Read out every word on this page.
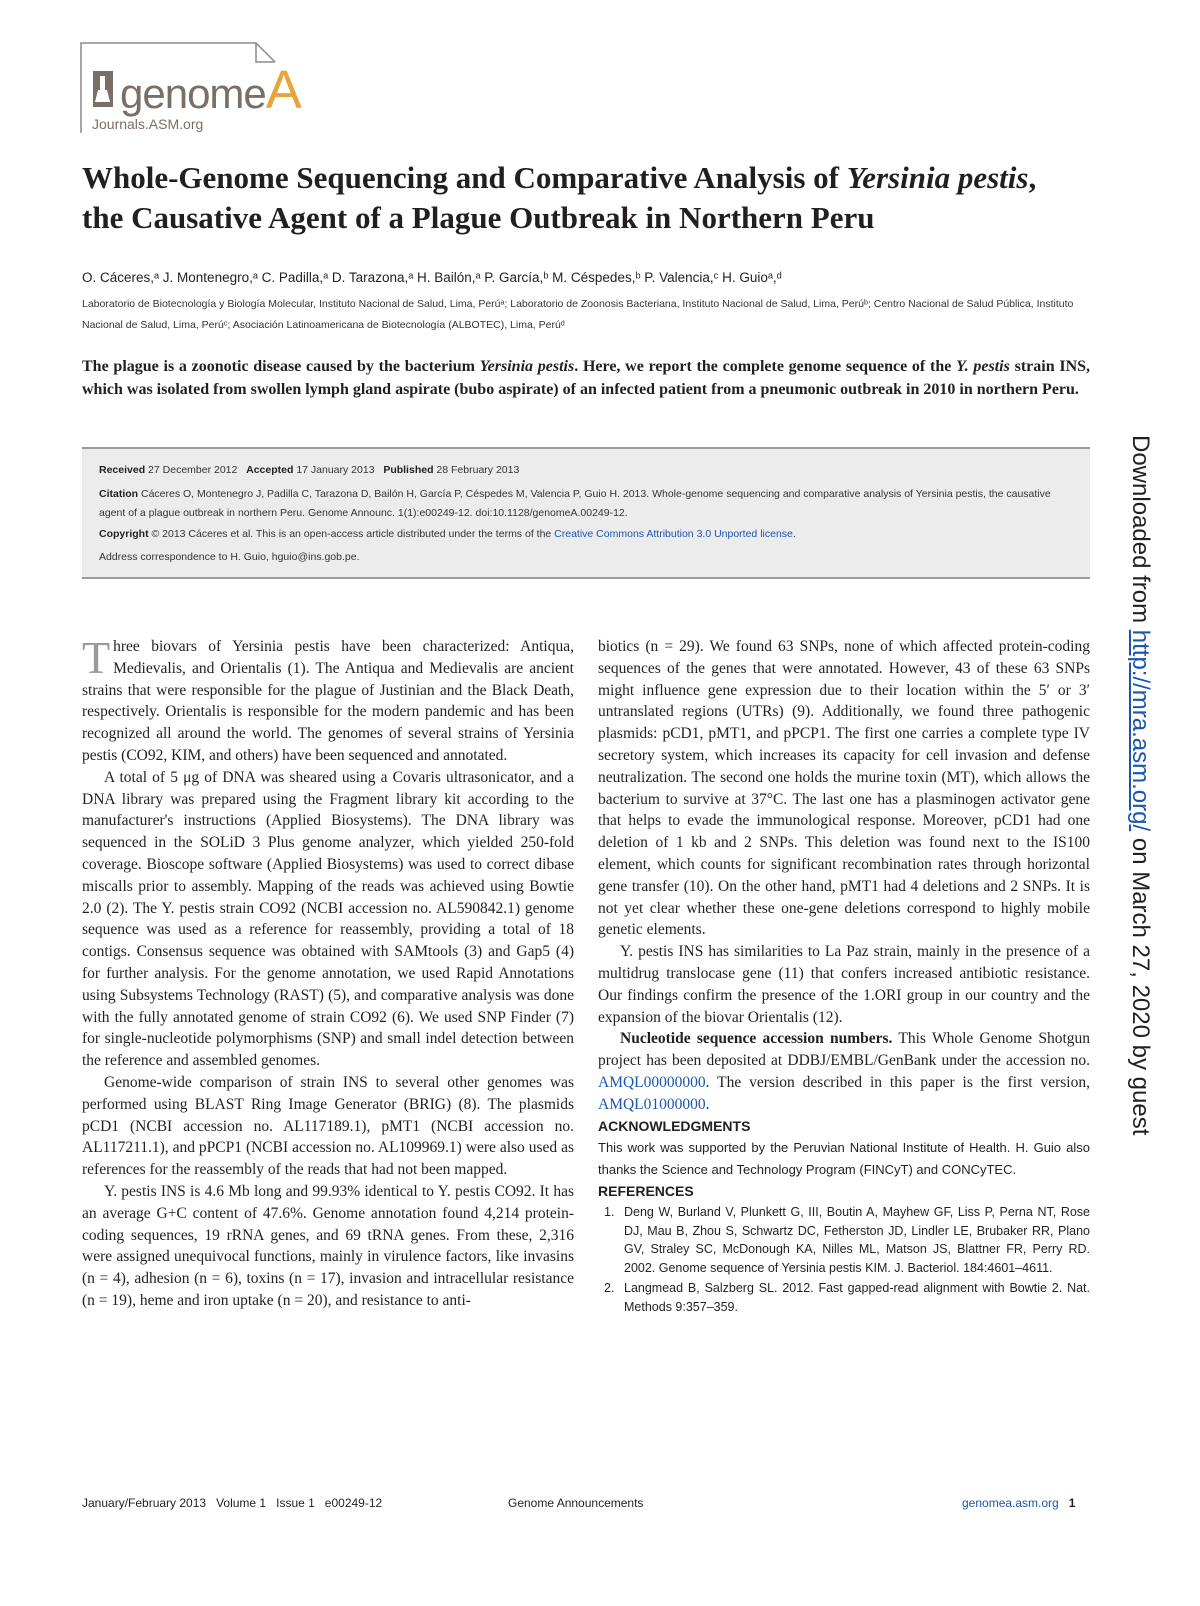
genomeA
Journals.ASM.org
Whole-Genome Sequencing and Comparative Analysis of Yersinia pestis, the Causative Agent of a Plague Outbreak in Northern Peru
O. Cáceres,ᵃ J. Montenegro,ᵃ C. Padilla,ᵃ D. Tarazona,ᵃ H. Bailón,ᵃ P. García,ᵇ M. Céspedes,ᵇ P. Valencia,ᶜ H. Guioᵃ,ᵈ
Laboratorio de Biotecnología y Biología Molecular, Instituto Nacional de Salud, Lima, Perúᵃ; Laboratorio de Zoonosis Bacteriana, Instituto Nacional de Salud, Lima, Perúᵇ; Centro Nacional de Salud Pública, Instituto Nacional de Salud, Lima, Perúᶜ; Asociación Latinoamericana de Biotecnología (ALBOTEC), Lima, Perúᵈ
The plague is a zoonotic disease caused by the bacterium Yersinia pestis. Here, we report the complete genome sequence of the Y. pestis strain INS, which was isolated from swollen lymph gland aspirate (bubo aspirate) of an infected patient from a pneumonic outbreak in 2010 in northern Peru.
Received 27 December 2012 Accepted 17 January 2013 Published 28 February 2013
Citation Cáceres O, Montenegro J, Padilla C, Tarazona D, Bailón H, García P, Céspedes M, Valencia P, Guio H. 2013. Whole-genome sequencing and comparative analysis of Yersinia pestis, the causative agent of a plague outbreak in northern Peru. Genome Announc. 1(1):e00249-12. doi:10.1128/genomeA.00249-12.
Copyright © 2013 Cáceres et al. This is an open-access article distributed under the terms of the Creative Commons Attribution 3.0 Unported license.
Address correspondence to H. Guio, hguio@ins.gob.pe.

Three biovars of Yersinia pestis have been characterized: Antiqua, Medievalis, and Orientalis (1). The Antiqua and Medievalis are ancient strains that were responsible for the plague of Justinian and the Black Death, respectively. Orientalis is responsible for the modern pandemic and has been recognized all around the world. The genomes of several strains of Yersinia pestis (CO92, KIM, and others) have been sequenced and annotated.

A total of 5 μg of DNA was sheared using a Covaris ultrasonicator, and a DNA library was prepared using the Fragment library kit according to the manufacturer's instructions (Applied Biosystems). The DNA library was sequenced in the SOLiD 3 Plus genome analyzer, which yielded 250-fold coverage. Bioscope software (Applied Biosystems) was used to correct dibase miscalls prior to assembly. Mapping of the reads was achieved using Bowtie 2.0 (2). The Y. pestis strain CO92 (NCBI accession no. AL590842.1) genome sequence was used as a reference for reassembly, providing a total of 18 contigs. Consensus sequence was obtained with SAMtools (3) and Gap5 (4) for further analysis. For the genome annotation, we used Rapid Annotations using Subsystems Technology (RAST) (5), and comparative analysis was done with the fully annotated genome of strain CO92 (6). We used SNP Finder (7) for single-nucleotide polymorphisms (SNP) and small indel detection between the reference and assembled genomes.

Genome-wide comparison of strain INS to several other genomes was performed using BLAST Ring Image Generator (BRIG) (8). The plasmids pCD1 (NCBI accession no. AL117189.1), pMT1 (NCBI accession no. AL117211.1), and pPCP1 (NCBI accession no. AL109969.1) were also used as references for the reassembly of the reads that had not been mapped.

Y. pestis INS is 4.6 Mb long and 99.93% identical to Y. pestis CO92. It has an average G+C content of 47.6%. Genome annotation found 4,214 protein-coding sequences, 19 rRNA genes, and 69 tRNA genes. From these, 2,316 were assigned unequivocal functions, mainly in virulence factors, like invasins (n = 4), adhesion (n = 6), toxins (n = 17), invasion and intracellular resistance (n = 19), heme and iron uptake (n = 20), and resistance to anti-

biotics (n = 29). We found 63 SNPs, none of which affected protein-coding sequences of the genes that were annotated. However, 43 of these 63 SNPs might influence gene expression due to their location within the 5′ or 3′ untranslated regions (UTRs) (9). Additionally, we found three pathogenic plasmids: pCD1, pMT1, and pPCP1. The first one carries a complete type IV secretory system, which increases its capacity for cell invasion and defense neutralization. The second one holds the murine toxin (MT), which allows the bacterium to survive at 37°C. The last one has a plasminogen activator gene that helps to evade the immunological response. Moreover, pCD1 had one deletion of 1 kb and 2 SNPs. This deletion was found next to the IS100 element, which counts for significant recombination rates through horizontal gene transfer (10). On the other hand, pMT1 had 4 deletions and 2 SNPs. It is not yet clear whether these one-gene deletions correspond to highly mobile genetic elements.

Y. pestis INS has similarities to La Paz strain, mainly in the presence of a multidrug translocase gene (11) that confers increased antibiotic resistance. Our findings confirm the presence of the 1.ORI group in our country and the expansion of the biovar Orientalis (12).

Nucleotide sequence accession numbers. This Whole Genome Shotgun project has been deposited at DDBJ/EMBL/GenBank under the accession no. AMQL00000000. The version described in this paper is the first version, AMQL01000000.

ACKNOWLEDGMENTS

This work was supported by the Peruvian National Institute of Health. H. Guio also thanks the Science and Technology Program (FINCyT) and CONCyTEC.

REFERENCES

1. Deng W, Burland V, Plunkett G, III, Boutin A, Mayhew GF, Liss P, Perna NT, Rose DJ, Mau B, Zhou S, Schwartz DC, Fetherston JD, Lindler LE, Brubaker RR, Plano GV, Straley SC, McDonough KA, Nilles ML, Matson JS, Blattner FR, Perry RD. 2002. Genome sequence of Yersinia pestis KIM. J. Bacteriol. 184:4601–4611.
2. Langmead B, Salzberg SL. 2012. Fast gapped-read alignment with Bowtie 2. Nat. Methods 9:357–359.
January/February 2013   Volume 1   Issue 1   e00249-12	Genome Announcements	genomea.asm.org 1
Downloaded from http://mra.asm.org/ on March 27, 2020 by guest
